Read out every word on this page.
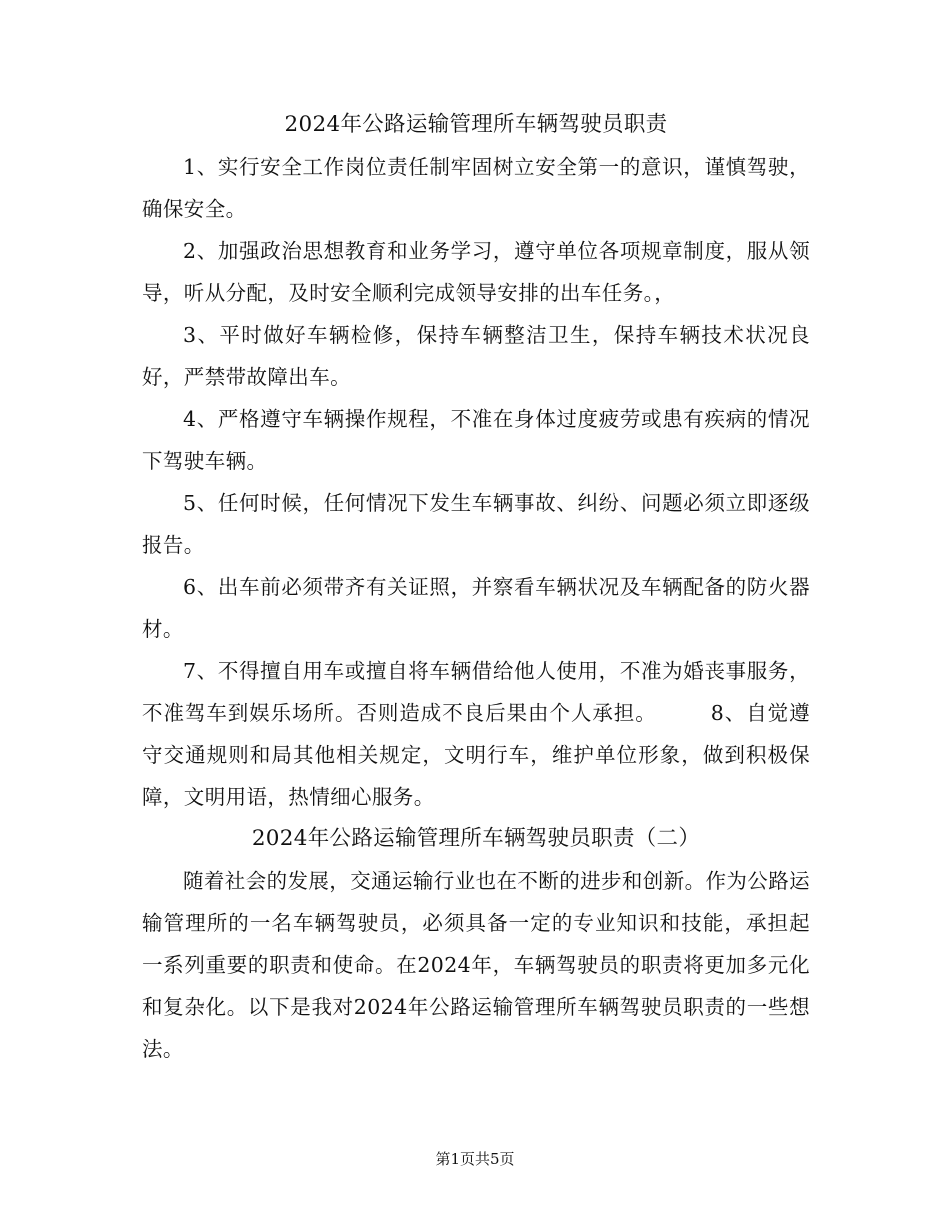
2024年公路运输管理所车辆驾驶员职责

1、实行安全工作岗位责任制牢固树立安全第一的意识，谨慎驾驶，确保安全。

2、加强政治思想教育和业务学习，遵守单位各项规章制度，服从领导，听从分配，及时安全顺利完成领导安排的出车任务。，

3、平时做好车辆检修，保持车辆整洁卫生，保持车辆技术状况良好，严禁带故障出车。

4、严格遵守车辆操作规程，不准在身体过度疲劳或患有疾病的情况下驾驶车辆。

5、任何时候，任何情况下发生车辆事故、纠纷、问题必须立即逐级报告。

6、出车前必须带齐有关证照，并察看车辆状况及车辆配备的防火器材。

7、不得擅自用车或擅自将车辆借给他人使用，不准为婚丧事服务，不准驾车到娱乐场所。否则造成不良后果由个人承担。　　　8、自觉遵守交通规则和局其他相关规定，文明行车，维护单位形象，做到积极保障，文明用语，热情细心服务。

2024年公路运输管理所车辆驾驶员职责（二）

随着社会的发展，交通运输行业也在不断的进步和创新。作为公路运输管理所的一名车辆驾驶员，必须具备一定的专业知识和技能，承担起一系列重要的职责和使命。在2024年，车辆驾驶员的职责将更加多元化和复杂化。以下是我对2024年公路运输管理所车辆驾驶员职责的一些想法。

第1页共5页
